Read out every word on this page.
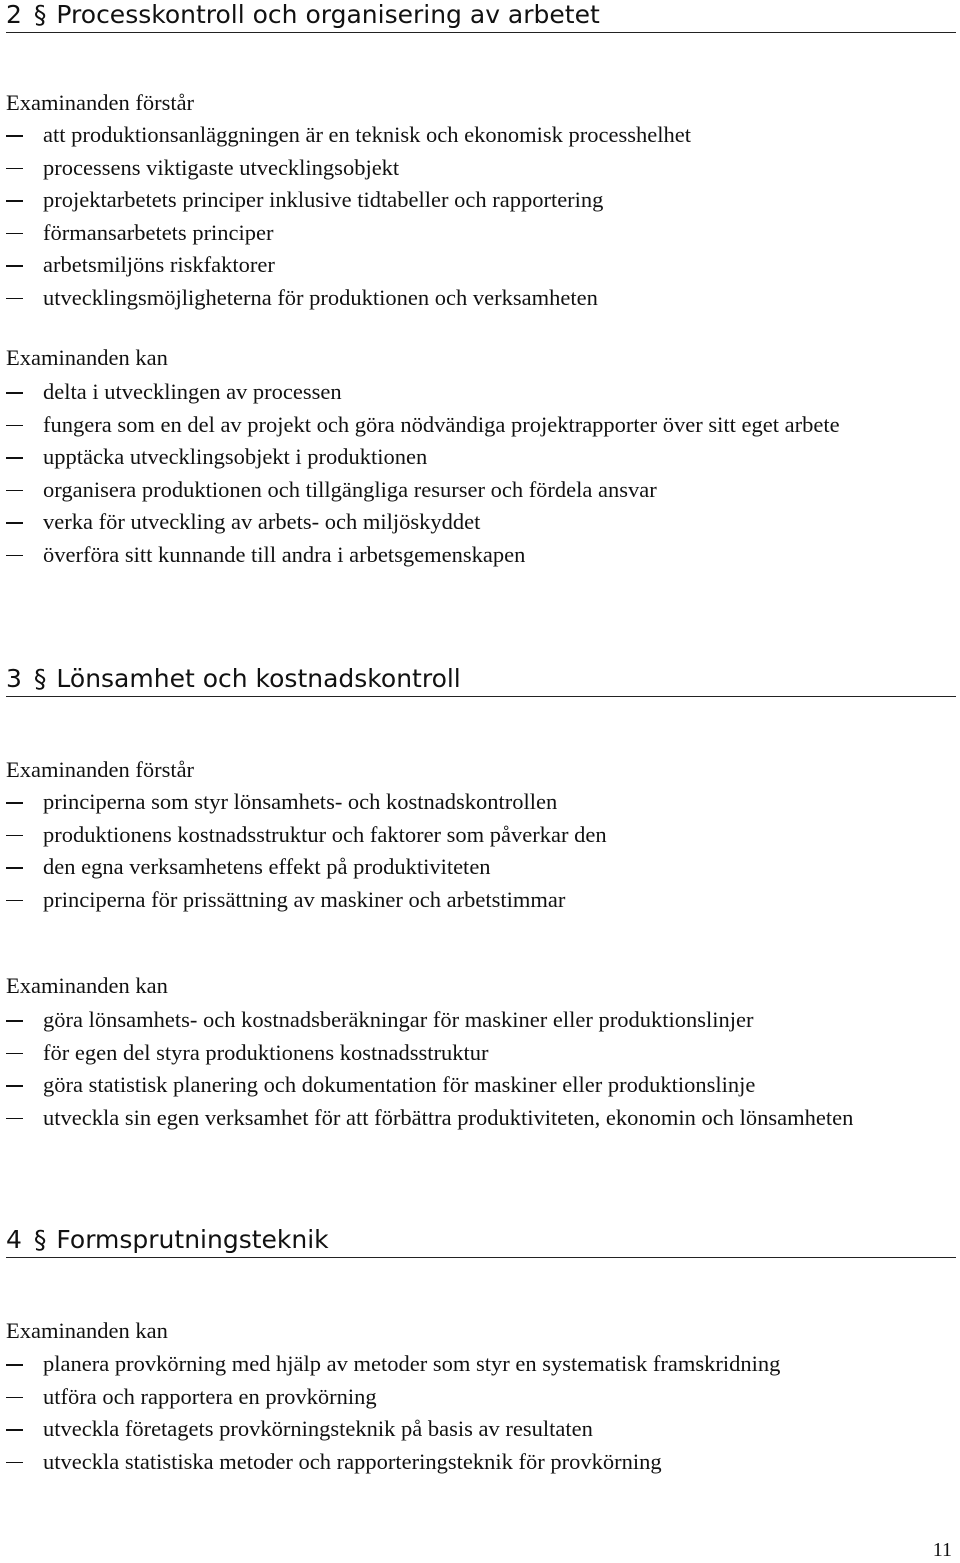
2 § Processkontroll och organisering av arbetet
Examinanden förstår
att produktionsanläggningen är en teknisk och ekonomisk processhelhet
processens viktigaste utvecklingsobjekt
projektarbetets principer inklusive tidtabeller och rapportering
förmansarbetets principer
arbetsmiljöns riskfaktorer
utvecklingsmöjligheterna för produktionen och verksamheten
Examinanden kan
delta i utvecklingen av processen
fungera som en del av projekt och göra nödvändiga projektrapporter över sitt eget arbete
upptäcka utvecklingsobjekt i produktionen
organisera produktionen och tillgängliga resurser och fördela ansvar
verka för utveckling av arbets- och miljöskyddet
överföra sitt kunnande till andra i arbetsgemenskapen
3 § Lönsamhet och kostnadskontroll
Examinanden förstår
principerna som styr lönsamhets- och kostnadskontrollen
produktionens kostnadsstruktur och faktorer som påverkar den
den egna verksamhetens effekt på produktiviteten
principerna för prissättning av maskiner och arbetstimmar
Examinanden kan
göra lönsamhets- och kostnadsberäkningar för maskiner eller produktionslinjer
för egen del styra produktionens kostnadsstruktur
göra statistisk planering och dokumentation för maskiner eller produktionslinje
utveckla sin egen verksamhet för att förbättra produktiviteten, ekonomin och lönsamheten
4 § Formsprutningsteknik
Examinanden kan
planera provkörning med hjälp av metoder som styr en systematisk framskridning
utföra och rapportera en provkörning
utveckla företagets provkörningsteknik på basis av resultaten
utveckla statistiska metoder och rapporteringsteknik för provkörning
11
